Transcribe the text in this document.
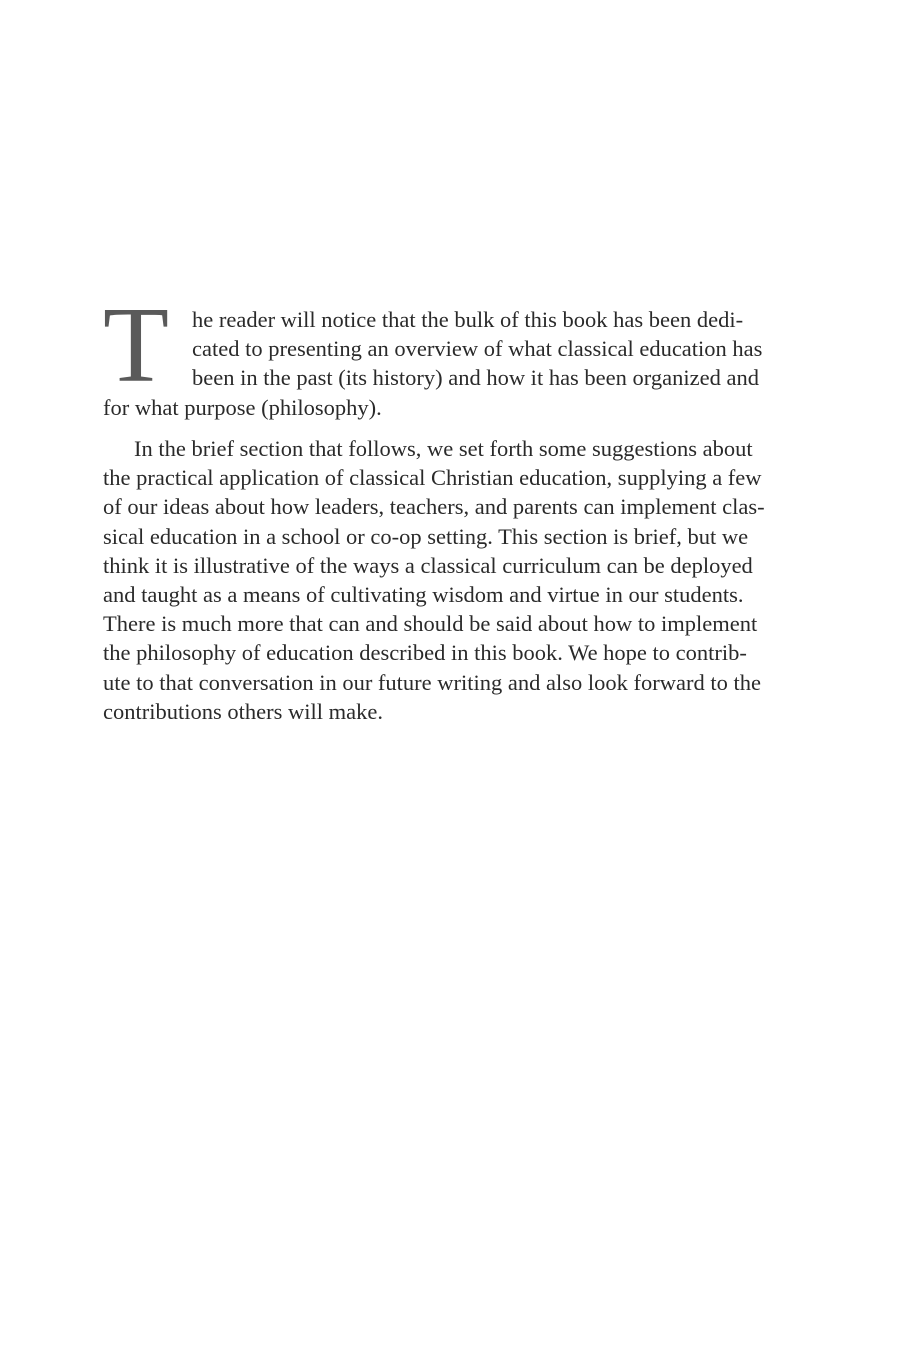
T	he reader will notice that the bulk of this book has been dedi-
cated to presenting an overview of what classical education has
been in the past (its history) and how it has been organized and
for what purpose (philosophy).
In the brief section that follows, we set forth some suggestions about
the practical application of classical Christian education, supplying a few
of our ideas about how leaders, teachers, and parents can implement clas-
sical education in a school or co-op setting. This section is brief, but we
think it is illustrative of the ways a classical curriculum can be deployed
and taught as a means of cultivating wisdom and virtue in our students.
There is much more that can and should be said about how to implement
the philosophy of education described in this book. We hope to contrib-
ute to that conversation in our future writing and also look forward to the
contributions others will make.
